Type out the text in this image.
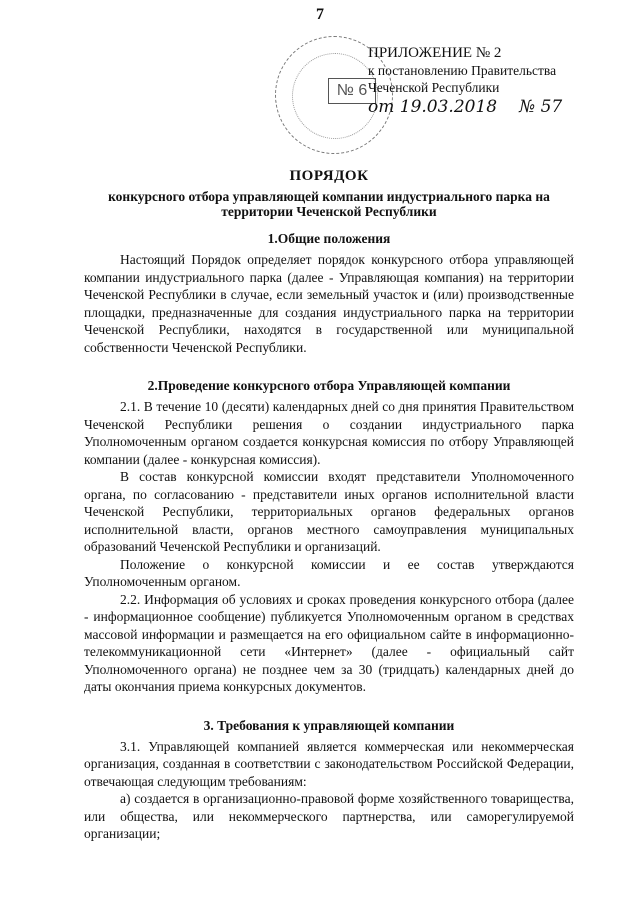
7
№ 6
ПРИЛОЖЕНИЕ № 2
к постановлению Правительства
Чеченской Республики
от 19.03.2018 № 57
ПОРЯДОК
конкурсного отбора управляющей компании индустриального парка на территории Чеченской Республики
1.Общие положения

Настоящий Порядок определяет порядок конкурсного отбора управляющей компании индустриального парка (далее - Управляющая компания) на территории Чеченской Республики в случае, если земельный участок и (или) производственные площадки, предназначенные для создания индустриального парка на территории Чеченской Республики, находятся в государственной или муниципальной собственности Чеченской Республики.

2.Проведение конкурсного отбора Управляющей компании

2.1. В течение 10 (десяти) календарных дней со дня принятия Правительством Чеченской Республики решения о создании индустриального парка Уполномоченным органом создается конкурсная комиссия по отбору Управляющей компании (далее - конкурсная комиссия).

В состав конкурсной комиссии входят представители Уполномоченного органа, по согласованию - представители иных органов исполнительной власти Чеченской Республики, территориальных органов федеральных органов исполнительной власти, органов местного самоуправления муниципальных образований Чеченской Республики и организаций.

Положение о конкурсной комиссии и ее состав утверждаются Уполномоченным органом.

2.2. Информация об условиях и сроках проведения конкурсного отбора (далее - информационное сообщение) публикуется Уполномоченным органом в средствах массовой информации и размещается на его официальном сайте в информационно-телекоммуникационной сети «Интернет» (далее - официальный сайт Уполномоченного органа) не позднее чем за 30 (тридцать) календарных дней до даты окончания приема конкурсных документов.

3. Требования к управляющей компании

3.1. Управляющей компанией является коммерческая или некоммерческая организация, созданная в соответствии с законодательством Российской Федерации, отвечающая следующим требованиям:

а) создается в организационно-правовой форме хозяйственного товарищества, или общества, или некоммерческого партнерства, или саморегулируемой организации;
